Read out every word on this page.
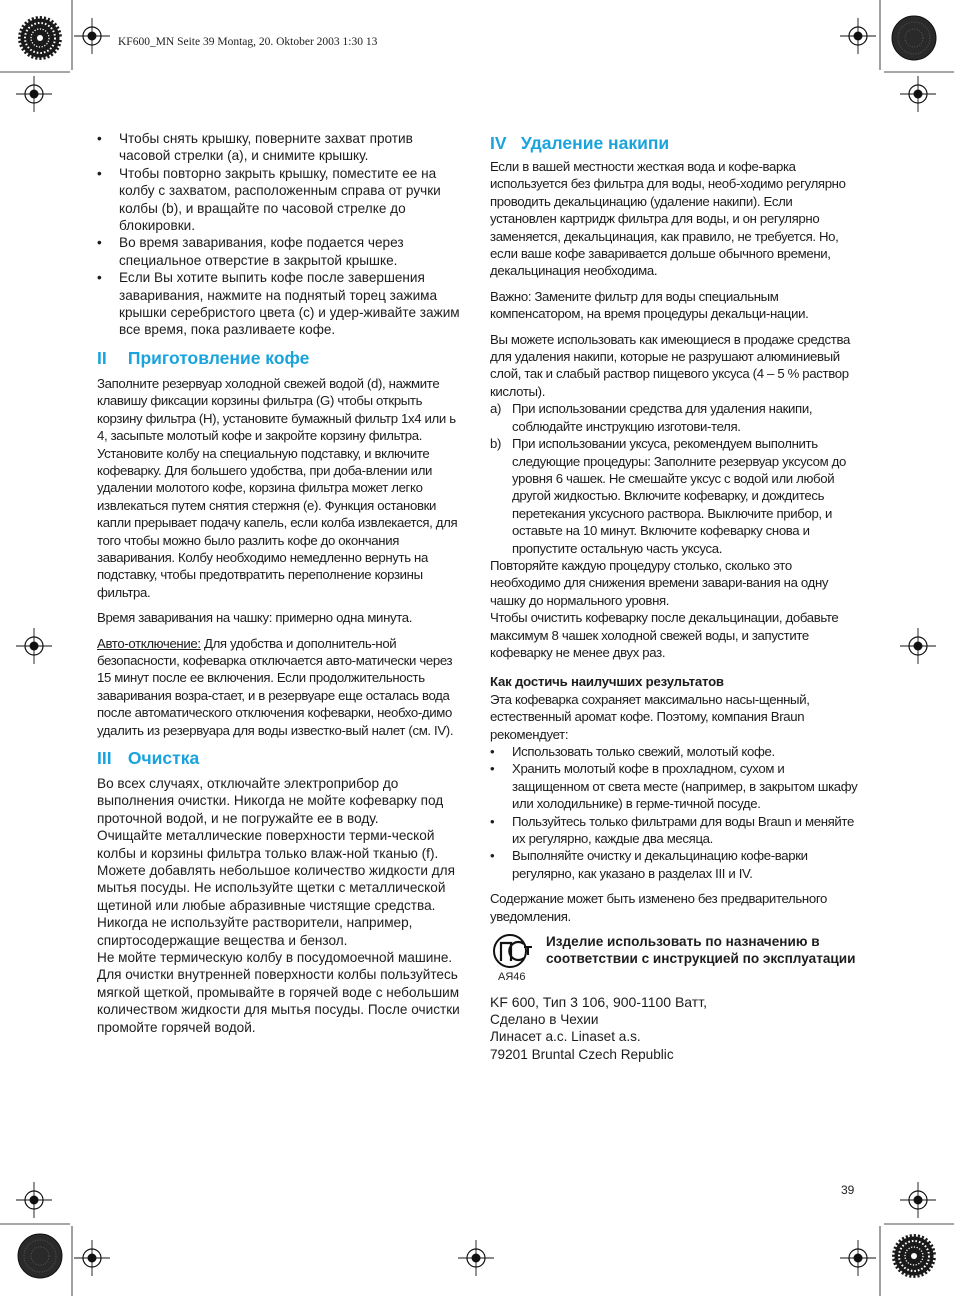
KF600_MN Seite 39 Montag, 20. Oktober 2003 1:30 13
• Чтобы снять крышку, поверните захват против часовой стрелки (a), и снимите крышку.
• Чтобы повторно закрыть крышку, поместите ее на колбу с захватом, расположенным справа от ручки колбы (b), и вращайте по часовой стрелке до блокировки.
• Во время заваривания, кофе подается через специальное отверстие в закрытой крышке.
• Если Вы хотите выпить кофе после завершения заваривания, нажмите на поднятый торец зажима крышки серебристого цвета (c) и удер-живайте зажим все время, пока разливаете кофе.
II Приготовление кофе

Заполните резервуар холодной свежей водой (d), нажмите клавишу фиксации корзины фильтра (G) чтобы открыть корзину фильтра (H), установите бумажный фильтр 1x4 или ь 4, засыпьте молотый кофе и закройте корзину фильтра. Установите колбу на специальную подставку, и включите кофеварку. Для большего удобства, при доба-влении или удалении молотого кофе, корзина фильтра может легко извлекаться путем снятия стержня (e). Функция остановки капли прерывает подачу капель, если колба извлекается, для того чтобы можно было разлить кофе до окончания заваривания. Колбу необходимо немедленно вернуть на подставку, чтобы предотвратить переполнение корзины фильтра.

Время заваривания на чашку: примерно одна минута.

Авто-отключение: Для удобства и дополнитель-ной безопасности, кофеварка отключается авто-матически через 15 минут после ее включения. Если продолжительность заваривания возра-стает, и в резервуаре еще осталась вода после автоматического отключения кофеварки, необхо-димо удалить из резервуара для воды известко-вый налет (см. IV).

III Очистка

Во всех случаях, отключайте электроприбор до выполнения очистки. Никогда не мойте кофеварку под проточной водой, и не погружайте ее в воду.

Очищайте металлические поверхности терми-ческой колбы и корзины фильтра только влаж-ной тканью (f). Можете добавлять небольшое количество жидкости для мытья посуды. Не используйте щетки с металлической щетиной или любые абразивные чистящие средства. Никогда не используйте растворители, например, спиртосодержащие вещества и бензол.

Не мойте термическую колбу в посудомоечной машине. Для очистки внутренней поверхности колбы пользуйтесь мягкой щеткой, промывайте в горячей воде с небольшим количеством жидкости для мытья посуды. После очистки промойте горячей водой.

IV Удаление накипи

Если в вашей местности жесткая вода и кофе-варка используется без фильтра для воды, необ-ходимо регулярно проводить декальцинацию (удаление накипи). Если установлен картридж фильтра для воды, и он регулярно заменяется, декальцинация, как правило, не требуется. Но, если ваше кофе заваривается дольше обычного времени, декальцинация необходима.

Важно: Замените фильтр для воды специальным компенсатором, на время процедуры декальци-нации.

Вы можете использовать как имеющиеся в продаже средства для удаления накипи, которые не разрушают алюминиевый слой, так и слабый раствор пищевого уксуса (4 – 5 % раствор кислоты).

a) При использовании средства для удаления накипи, соблюдайте инструкцию изготови-теля.
b) При использовании уксуса, рекомендуем выполнить следующие процедуры: Заполните резервуар уксусом до уровня 6 чашек. Не смешайте уксус с водой или любой другой жидкостью. Включите кофеварку, и дождитесь перетекания уксусного раствора. Выключите прибор, и оставьте на 10 минут. Включите кофеварку снова и пропустите остальную часть уксуса.

Повторяйте каждую процедуру столько, сколько это необходимо для снижения времени завари-вания на одну чашку до нормального уровня.

Чтобы очистить кофеварку после декальцинации, добавьте максимум 8 чашек холодной свежей воды, и запустите кофеварку не менее двух раз.

Как достичь наилучших результатов

Эта кофеварка сохраняет максимально насы-щенный, естественный аромат кофе. Поэтому, компания Braun рекомендует:

• Использовать только свежий, молотый кофе.
• Хранить молотый кофе в прохладном, сухом и защищенном от света месте (например, в закрытом шкафу или холодильнике) в герме-тичной посуде.
• Пользуйтесь только фильтрами для воды Braun и меняйте их регулярно, каждые два месяца.
• Выполняйте очистку и декальцинацию кофе-варки регулярно, как указано в разделах III и IV.

Содержание может быть изменено без предварительного уведомления.

АЯ46
Изделие использовать по назначению в соответствии с инструкцией по эксплуатации

KF 600, Тип 3 106, 900-1100 Ватт,

Сделано в Чехии

Линасет а.с. Linaset a.s.

79201 Bruntal Czech Republic

39
